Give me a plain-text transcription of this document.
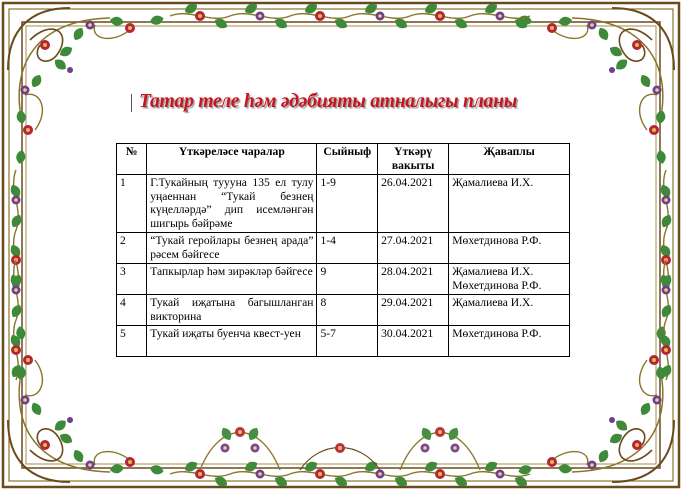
Татар теле һәм әдәбияты атналыгы планы
№	Үткәреләсе чаралар	Сыйныф	Үткәрү вакыты	Җаваплы
1	Г.Тукайның туууна 135 ел тулу уңаеннан “Тукай безнең күңелләрдә” дип исемләнгән шигырь бәйрәме	1-9	26.04.2021	Җамалиева И.Х.

2	“Тукай геройлары безнең арада” рәсем бәйгесе	1-4	27.04.2021	Мөхетдинова Р.Ф.

3	Тапкырлар һәм зирәкләр бәйгесе	9	28.04.2021	Җамалиева И.Х.
Мөхетдинова Р.Ф.

4	Тукай иҗатына багышланган викторина	8	29.04.2021	Җамалиева И.Х.

5	Тукай иҗаты буенча квест-уен	5-7	30.04.2021	Мөхетдинова Р.Ф.
